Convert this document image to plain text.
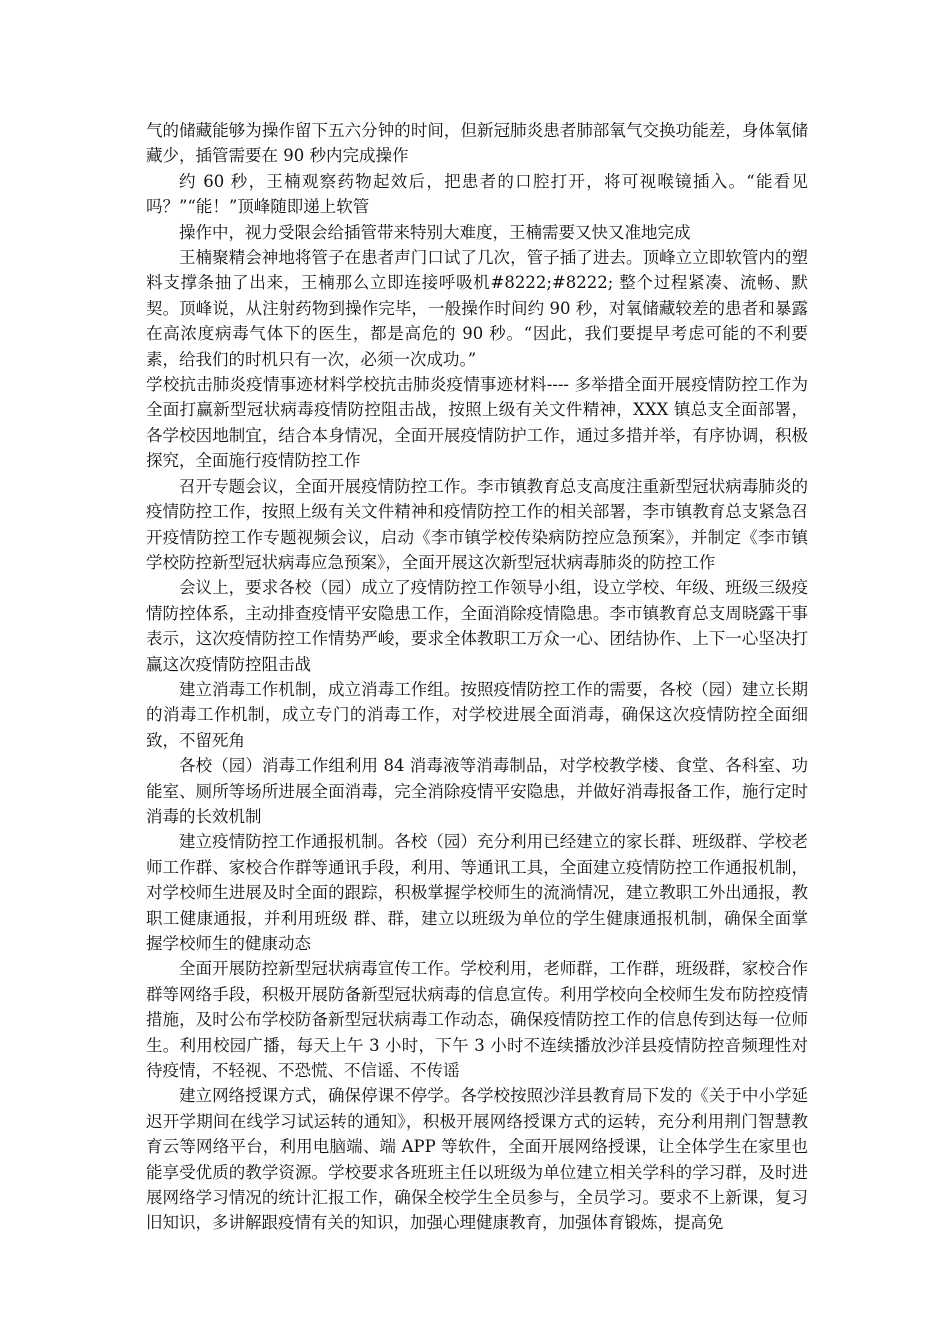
气的储藏能够为操作留下五六分钟的时间，但新冠肺炎患者肺部氧气交换功能差，身体氧储藏少，插管需要在 90 秒内完成操作

约 60 秒，王楠观察药物起效后，把患者的口腔打开，将可视喉镜插入。“能看见吗？”“能！”顶峰随即递上软管

操作中，视力受限会给插管带来特别大难度，王楠需要又快又准地完成

王楠聚精会神地将管子在患者声门口试了几次，管子插了进去。顶峰立立即软管内的塑料支撑条抽了出来，王楠那么立即连接呼吸机#8222;#8222; 整个过程紧凑、流畅、默契。顶峰说，从注射药物到操作完毕，一般操作时间约 90 秒，对氧储藏较差的患者和暴露在高浓度病毒气体下的医生，都是高危的 90 秒。“因此，我们要提早考虑可能的不利要素，给我们的时机只有一次，必须一次成功。”

学校抗击肺炎疫情事迹材料学校抗击肺炎疫情事迹材料---- 多举措全面开展疫情防控工作为全面打赢新型冠状病毒疫情防控阻击战，按照上级有关文件精神，XXX 镇总支全面部署，各学校因地制宜，结合本身情况，全面开展疫情防护工作，通过多措并举，有序协调，积极探究，全面施行疫情防控工作

召开专题会议，全面开展疫情防控工作。李市镇教育总支高度注重新型冠状病毒肺炎的疫情防控工作，按照上级有关文件精神和疫情防控工作的相关部署，李市镇教育总支紧急召开疫情防控工作专题视频会议，启动《李市镇学校传染病防控应急预案》，并制定《李市镇学校防控新型冠状病毒应急预案》，全面开展这次新型冠状病毒肺炎的防控工作

会议上，要求各校（园）成立了疫情防控工作领导小组，设立学校、年级、班级三级疫情防控体系，主动排查疫情平安隐患工作，全面消除疫情隐患。李市镇教育总支周晓露干事表示，这次疫情防控工作情势严峻，要求全体教职工万众一心、团结协作、上下一心坚决打赢这次疫情防控阻击战

建立消毒工作机制，成立消毒工作组。按照疫情防控工作的需要，各校（园）建立长期的消毒工作机制，成立专门的消毒工作，对学校进展全面消毒，确保这次疫情防控全面细致，不留死角

各校（园）消毒工作组利用 84 消毒液等消毒制品，对学校教学楼、食堂、各科室、功能室、厕所等场所进展全面消毒，完全消除疫情平安隐患，并做好消毒报备工作，施行定时消毒的长效机制

建立疫情防控工作通报机制。各校（园）充分利用已经建立的家长群、班级群、学校老师工作群、家校合作群等通讯手段，利用、等通讯工具，全面建立疫情防控工作通报机制，对学校师生进展及时全面的跟踪，积极掌握学校师生的流淌情况，建立教职工外出通报，教职工健康通报，并利用班级 群、群，建立以班级为单位的学生健康通报机制，确保全面掌握学校师生的健康动态

全面开展防控新型冠状病毒宣传工作。学校利用，老师群，工作群，班级群，家校合作群等网络手段，积极开展防备新型冠状病毒的信息宣传。利用学校向全校师生发布防控疫情措施，及时公布学校防备新型冠状病毒工作动态，确保疫情防控工作的信息传到达每一位师生。利用校园广播，每天上午 3 小时，下午 3 小时不连续播放沙洋县疫情防控音频理性对待疫情，不轻视、不恐慌、不信谣、不传谣

建立网络授课方式，确保停课不停学。各学校按照沙洋县教育局下发的《关于中小学延迟开学期间在线学习试运转的通知》，积极开展网络授课方式的运转，充分利用荆门智慧教育云等网络平台，利用电脑端、端 APP 等软件，全面开展网络授课，让全体学生在家里也能享受优质的教学资源。学校要求各班班主任以班级为单位建立相关学科的学习群，及时进展网络学习情况的统计汇报工作，确保全校学生全员参与，全员学习。要求不上新课，复习旧知识，多讲解跟疫情有关的知识，加强心理健康教育，加强体育锻炼，提高免
